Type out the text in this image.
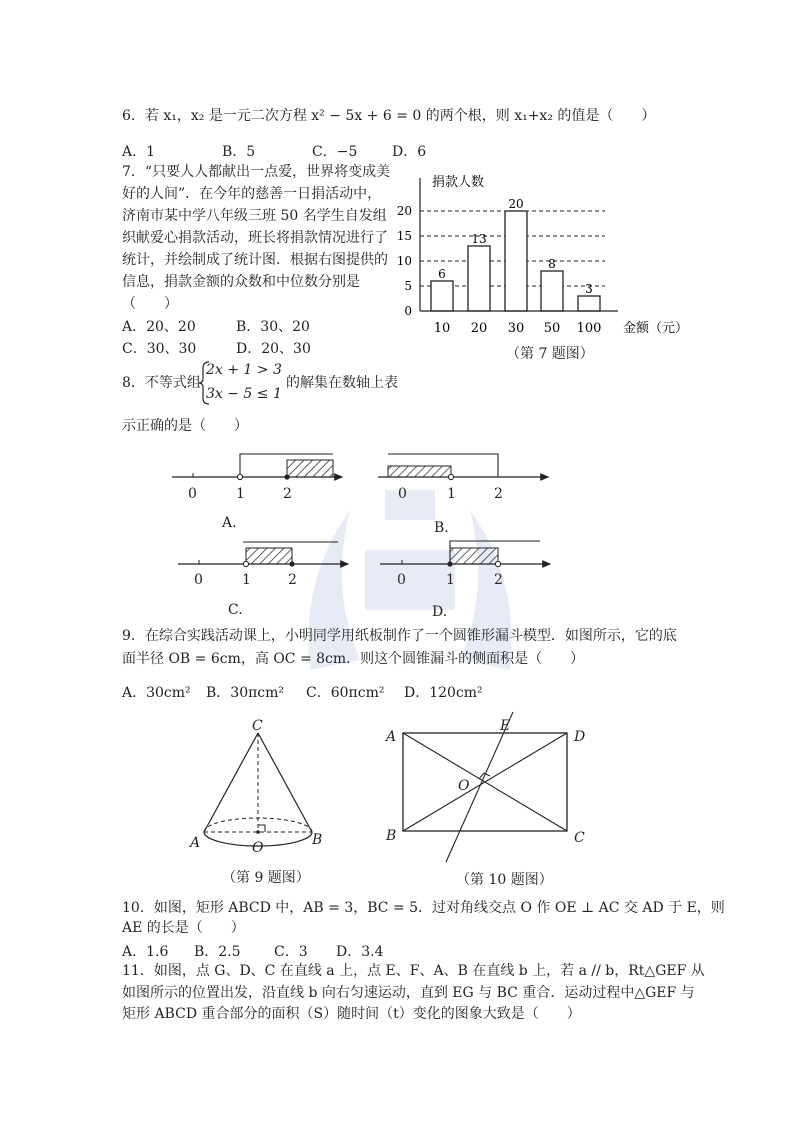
6．若 x₁，x₂ 是一元二次方程 x² − 5x + 6 = 0 的两个根，则 x₁+x₂ 的值是（　　）
A．1	B．5	C．−5 D．6
7．“只要人人都献出一点爱，世界将变成美
好的人间”．在今年的慈善一日捐活动中，
济南市某中学八年级三班 50 名学生自发组
织献爱心捐款活动，班长将捐款情况进行了
统计，并绘制成了统计图．根据右图提供的
信息，捐款金额的众数和中位数分别是
（　　）
A．20、20	B．30、20
C．30、30	D．20、30
捐款人数
金额（元）
0
5
10
15
20
6
10
13
20
20
30
8
50
3
100
（第 7 题图）
8．不等式组
2x + 1 > 3
3x − 5 ≤ 1
的解集在数轴上表
示正确的是（　　）
0	1	2
A.
0	1	2
B.
0	1	2
C.
0	1	2
D.
9．在综合实践活动课上，小明同学用纸板制作了一个圆锥形漏斗模型．如图所示，它的底
面半径 OB = 6cm，高 OC = 8cm．则这个圆锥漏斗的侧面积是（　　）
A．30cm² B．30πcm² C．60πcm² D．120cm²
C
A	O	B
（第 9 题图）
A	D
B	C
E
O
（第 10 题图）
10．如图，矩形 ABCD 中，AB = 3，BC = 5．过对角线交点 O 作 OE ⊥ AC 交 AD 于 E，则
AE 的长是（　　）
A．1.6 B．2.5 C．3 D．3.4
11．如图，点 G、D、C 在直线 a 上，点 E、F、A、B 在直线 b 上，若 a // b，Rt△GEF 从
如图所示的位置出发，沿直线 b 向右匀速运动，直到 EG 与 BC 重合．运动过程中△GEF 与
矩形 ABCD 重合部分的面积（S）随时间（t）变化的图象大致是（　　）
